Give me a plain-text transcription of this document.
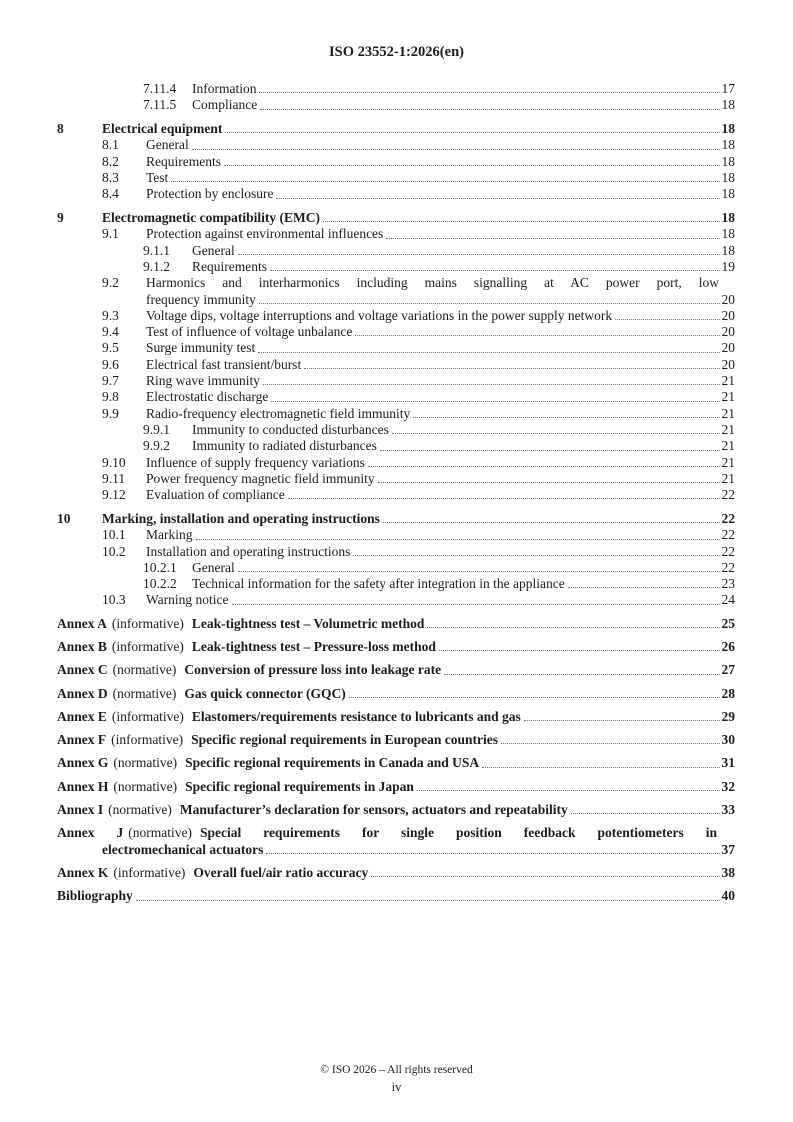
ISO 23552-1:2026(en)
7.11.4	Information	17
7.11.5	Compliance	18
8	Electrical equipment	18
8.1	General	18
8.2	Requirements	18
8.3	Test	18
8.4	Protection by enclosure	18
9	Electromagnetic compatibility (EMC)	18
9.1	Protection against environmental influences	18
9.1.1	General	18
9.1.2	Requirements	19
9.2	Harmonics and interharmonics including mains signalling at AC power port, low
frequency immunity	20
9.3	Voltage dips, voltage interruptions and voltage variations in the power supply network	20
9.4	Test of influence of voltage unbalance	20
9.5	Surge immunity test	20
9.6	Electrical fast transient/burst	20
9.7	Ring wave immunity	21
9.8	Electrostatic discharge	21
9.9	Radio-frequency electromagnetic field immunity	21
9.9.1	Immunity to conducted disturbances	21
9.9.2	Immunity to radiated disturbances	21
9.10	Influence of supply frequency variations	21
9.11	Power frequency magnetic field immunity	21
9.12	Evaluation of compliance	22
10	Marking, installation and operating instructions	22
10.1	Marking	22
10.2	Installation and operating instructions	22
10.2.1	General	22
10.2.2	Technical information for the safety after integration in the appliance	23
10.3	Warning notice	24
Annex A (informative) Leak-tightness test – Volumetric method	25
Annex B (informative) Leak-tightness test – Pressure-loss method	26
Annex C (normative) Conversion of pressure loss into leakage rate	27
Annex D (normative) Gas quick connector (GQC)	28
Annex E (informative) Elastomers/requirements resistance to lubricants and gas	29
Annex F (informative) Specific regional requirements in European countries	30
Annex G (normative) Specific regional requirements in Canada and USA	31
Annex H (normative) Specific regional requirements in Japan	32
Annex I (normative) Manufacturer’s declaration for sensors, actuators and repeatability	33
Annex J (normative) Special requirements for single position feedback potentiometers in
electromechanical actuators	37
Annex K (informative) Overall fuel/air ratio accuracy	38
Bibliography	40
© ISO 2026 – All rights reserved
iv
